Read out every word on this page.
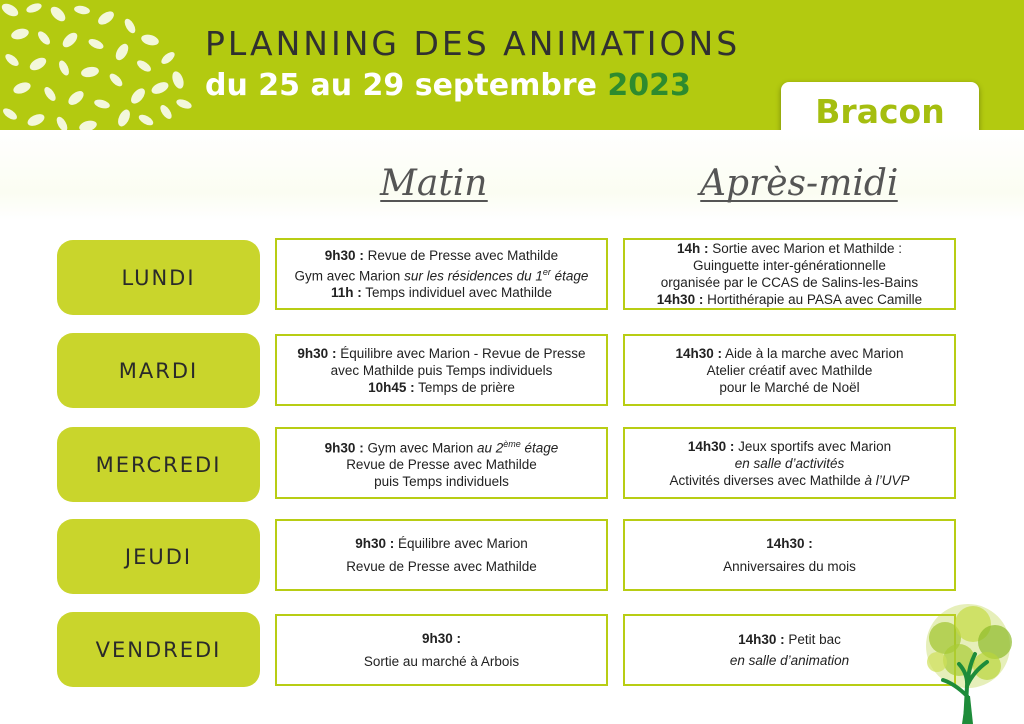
PLANNING DES ANIMATIONS
du 25 au 29 septembre 2023
Bracon
Matin	Après-midi
LUNDI
9h30 : Revue de Presse avec Mathilde
Gym avec Marion sur les résidences du 1er étage
11h : Temps individuel avec Mathilde
14h : Sortie avec Marion et Mathilde :
Guinguette inter-générationnelle
organisée par le CCAS de Salins-les-Bains
14h30 : Hortithérapie au PASA avec Camille
MARDI
9h30 : Équilibre avec Marion - Revue de Presse
avec Mathilde puis Temps individuels
10h45 : Temps de prière
14h30 : Aide à la marche avec Marion
Atelier créatif avec Mathilde
pour le Marché de Noël
MERCREDI
9h30 : Gym avec Marion au 2ème étage
Revue de Presse avec Mathilde
puis Temps individuels
14h30 : Jeux sportifs avec Marion
en salle d’activités
Activités diverses avec Mathilde à l’UVP
JEUDI
9h30 : Équilibre avec Marion
Revue de Presse avec Mathilde
14h30 :
Anniversaires du mois
VENDREDI	9h30 :
Sortie au marché à Arbois
14h30 : Petit bac
en salle d’animation
